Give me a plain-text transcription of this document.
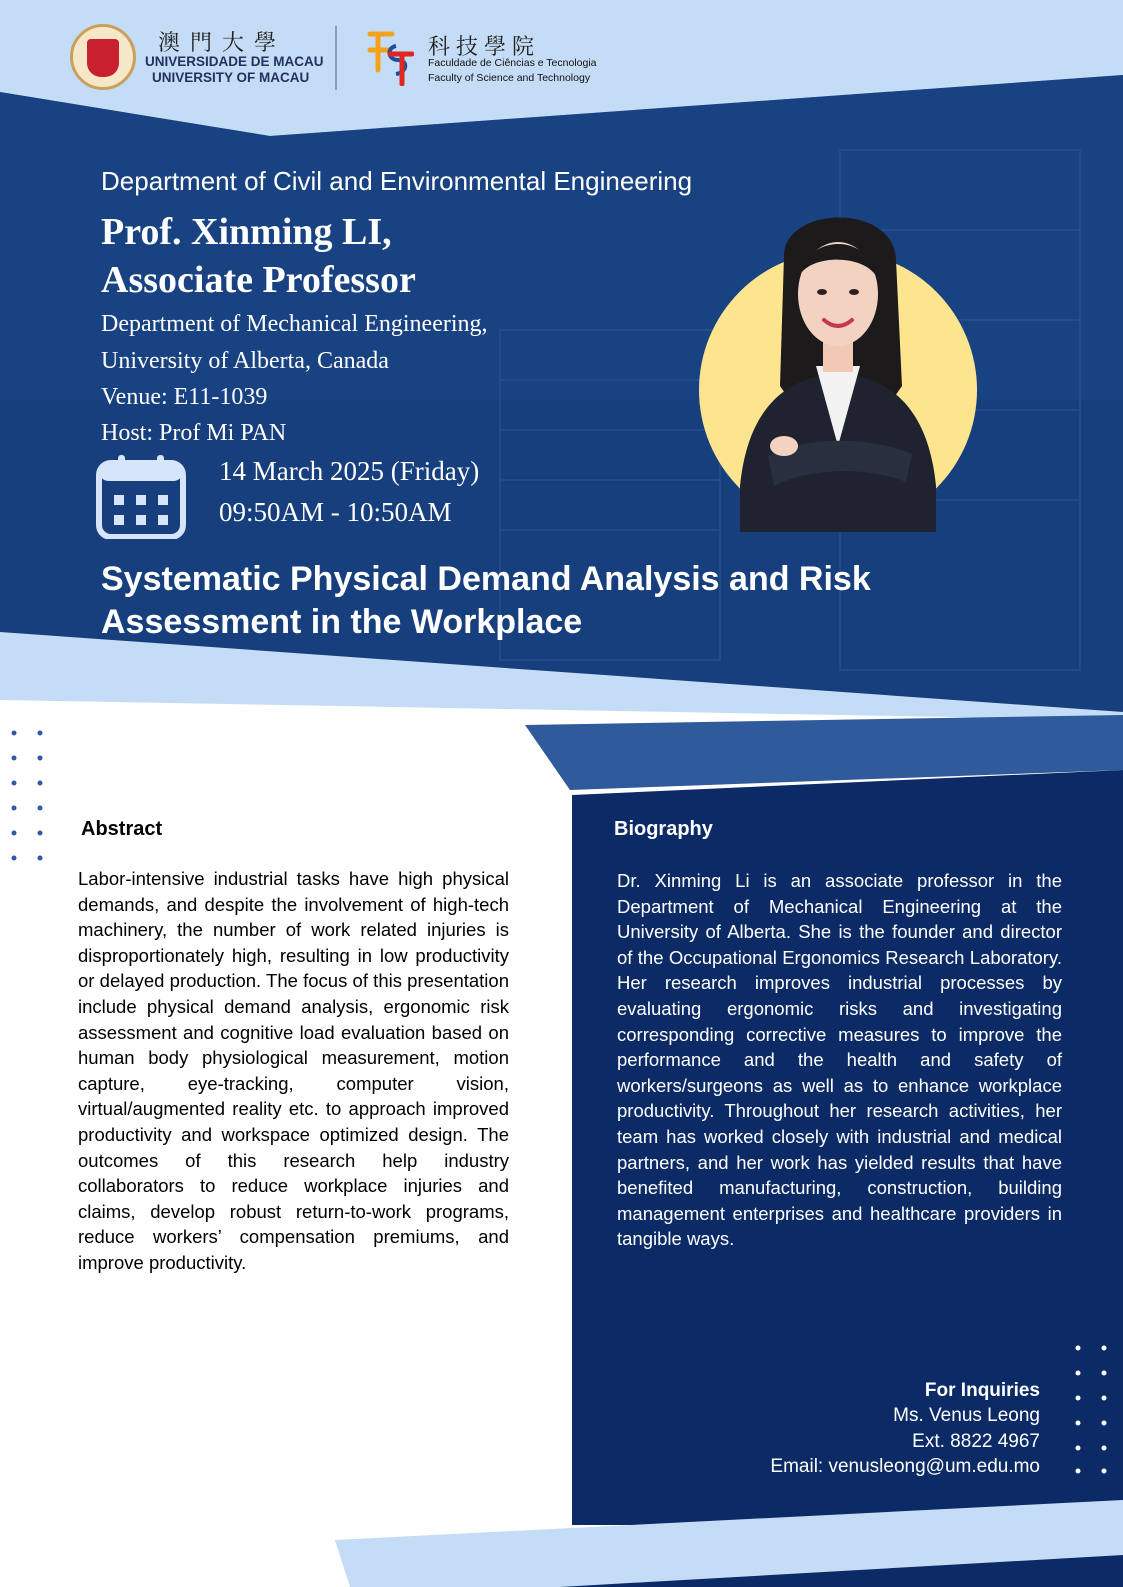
澳門大學
UNIVERSIDADE DE MACAU
UNIVERSITY OF MACAU
科技學院
Faculdade de Ciências e Tecnologia
Faculty of Science and Technology
Department of Civil and Environmental Engineering
Prof. Xinming LI,
Associate Professor
Department of Mechanical Engineering,
University of Alberta, Canada
Venue: E11-1039
Host: Prof Mi PAN
14 March 2025 (Friday)
09:50AM - 10:50AM
Systematic Physical Demand Analysis and Risk
Assessment in the Workplace
Abstract
Labor-intensive industrial tasks have high physical demands, and despite the involvement of high-tech machinery, the number of work related injuries is disproportionately high, resulting in low productivity or delayed production. The focus of this presentation include physical demand analysis, ergonomic risk assessment and cognitive load evaluation based on human body physiological measurement, motion capture, eye-tracking, computer vision, virtual/augmented reality etc. to approach improved productivity and workspace optimized design. The outcomes of this research help industry collaborators to reduce workplace injuries and claims, develop robust return-to-work programs, reduce workers’ compensation premiums, and improve productivity.
Biography
Dr. Xinming Li is an associate professor in the Department of Mechanical Engineering at the University of Alberta. She is the founder and director of the Occupational Ergonomics Research Laboratory. Her research improves industrial processes by evaluating ergonomic risks and investigating corresponding corrective measures to improve the performance and the health and safety of workers/surgeons as well as to enhance workplace productivity. Throughout her research activities, her team has worked closely with industrial and medical partners, and her work has yielded results that have benefited manufacturing, construction, building management enterprises and healthcare providers in tangible ways.
For Inquiries
Ms. Venus Leong
Ext. 8822 4967
Email: venusleong@um.edu.mo
